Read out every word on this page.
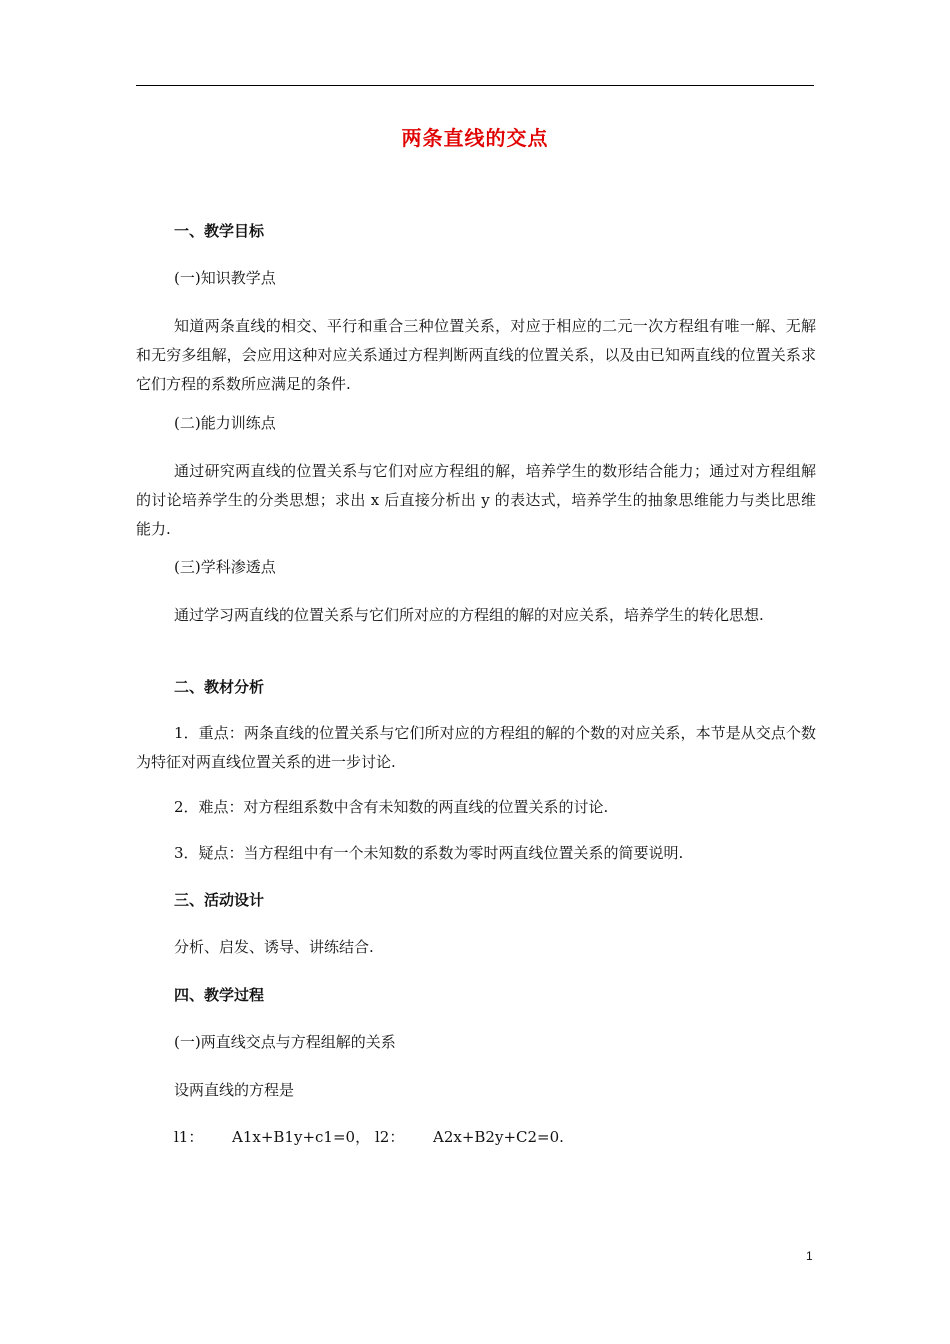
两条直线的交点
一、教学目标
(一)知识教学点
知道两条直线的相交、平行和重合三种位置关系，对应于相应的二元一次方程组有唯一解、无解和无穷多组解，会应用这种对应关系通过方程判断两直线的位置关系，以及由已知两直线的位置关系求它们方程的系数所应满足的条件.
(二)能力训练点
通过研究两直线的位置关系与它们对应方程组的解，培养学生的数形结合能力；通过对方程组解的讨论培养学生的分类思想；求出 x 后直接分析出 y 的表达式，培养学生的抽象思维能力与类比思维能力.
(三)学科渗透点
通过学习两直线的位置关系与它们所对应的方程组的解的对应关系，培养学生的转化思想.
二、教材分析
1．重点：两条直线的位置关系与它们所对应的方程组的解的个数的对应关系，本节是从交点个数为特征对两直线位置关系的进一步讨论.
2．难点：对方程组系数中含有未知数的两直线的位置关系的讨论.
3．疑点：当方程组中有一个未知数的系数为零时两直线位置关系的简要说明.
三、活动设计
分析、启发、诱导、讲练结合.
四、教学过程
(一)两直线交点与方程组解的关系
设两直线的方程是
l1： A1x+B1y+c1=0， l2： A2x+B2y+C2=0.
1
